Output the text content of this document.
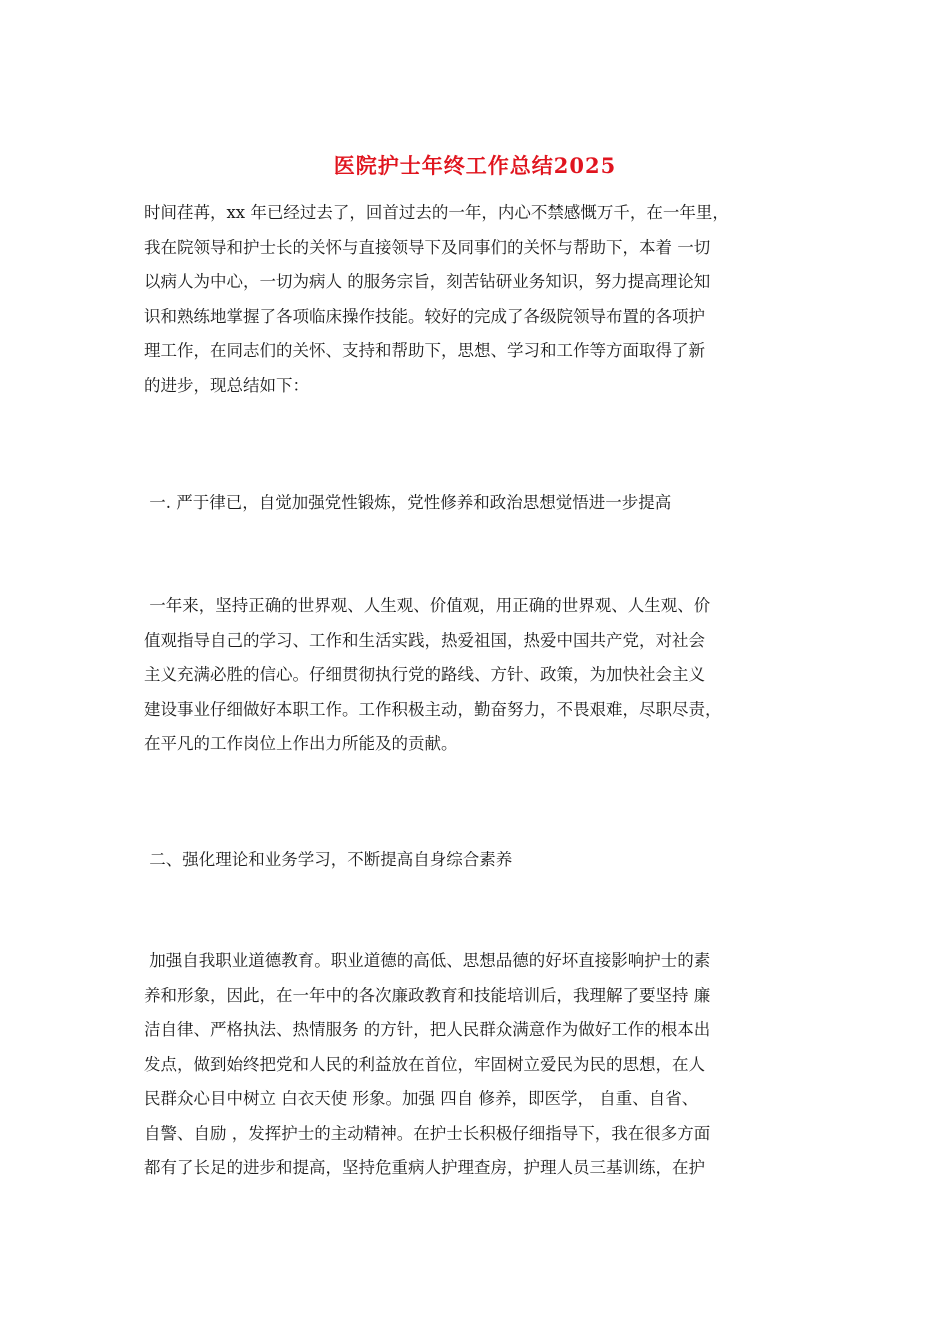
医院护士年终工作总结2025
时间荏苒，xx 年已经过去了，回首过去的一年，内心不禁感慨万千，在一年里，
我在院领导和护士长的关怀与直接领导下及同事们的关怀与帮助下，本着 一切
以病人为中心，一切为病人 的服务宗旨，刻苦钻研业务知识，努力提高理论知
识和熟练地掌握了各项临床操作技能。较好的完成了各级院领导布置的各项护
理工作，在同志们的关怀、支持和帮助下，思想、学习和工作等方面取得了新
的进步，现总结如下：
一. 严于律已，自觉加强党性锻炼，党性修养和政治思想觉悟进一步提高
一年来，坚持正确的世界观、人生观、价值观，用正确的世界观、人生观、价
值观指导自己的学习、工作和生活实践，热爱祖国，热爱中国共产党，对社会
主义充满必胜的信心。仔细贯彻执行党的路线、方针、政策，为加快社会主义
建设事业仔细做好本职工作。工作积极主动，勤奋努力，不畏艰难，尽职尽责，
在平凡的工作岗位上作出力所能及的贡献。
二、强化理论和业务学习，不断提高自身综合素养
加强自我职业道德教育。职业道德的高低、思想品德的好坏直接影响护士的素
养和形象，因此，在一年中的各次廉政教育和技能培训后，我理解了要坚持 廉
洁自律、严格执法、热情服务 的方针，把人民群众满意作为做好工作的根本出
发点，做到始终把党和人民的利益放在首位，牢固树立爱民为民的思想，在人
民群众心目中树立 白衣天使 形象。加强 四自 修养，即医学， 自重、自省、
自警、自励 ，发挥护士的主动精神。在护士长积极仔细指导下，我在很多方面
都有了长足的进步和提高，坚持危重病人护理查房，护理人员三基训练，在护
